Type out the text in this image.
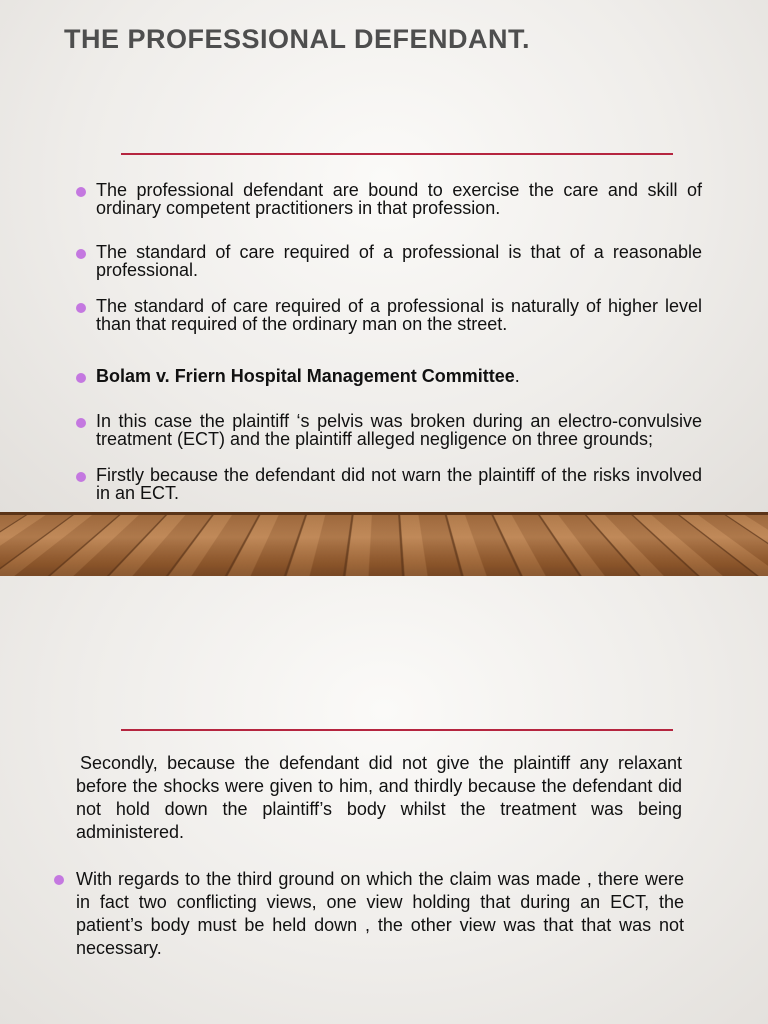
THE PROFESSIONAL DEFENDANT.
The professional defendant are bound to exercise the care and skill of ordinary competent practitioners in that profession.
The standard of care required of a professional is that of a reasonable professional.
The standard of care required of a professional is naturally of higher level than that required of the ordinary man on the street.
Bolam v. Friern Hospital Management Committee.
In this case the plaintiff ‘s pelvis was broken during an electro-convulsive treatment (ECT) and the plaintiff alleged negligence on three grounds;
Firstly because the defendant did not warn the plaintiff of the risks involved in an ECT.

Secondly, because the defendant did not give the plaintiff any relaxant before the shocks were given to him, and thirdly because the defendant did not hold down the plaintiff’s body whilst the treatment was being administered.

With regards to the third ground on which the claim was made , there were in fact two conflicting views, one view holding that during an ECT, the patient’s body must be held down , the other view was that that was not necessary.
